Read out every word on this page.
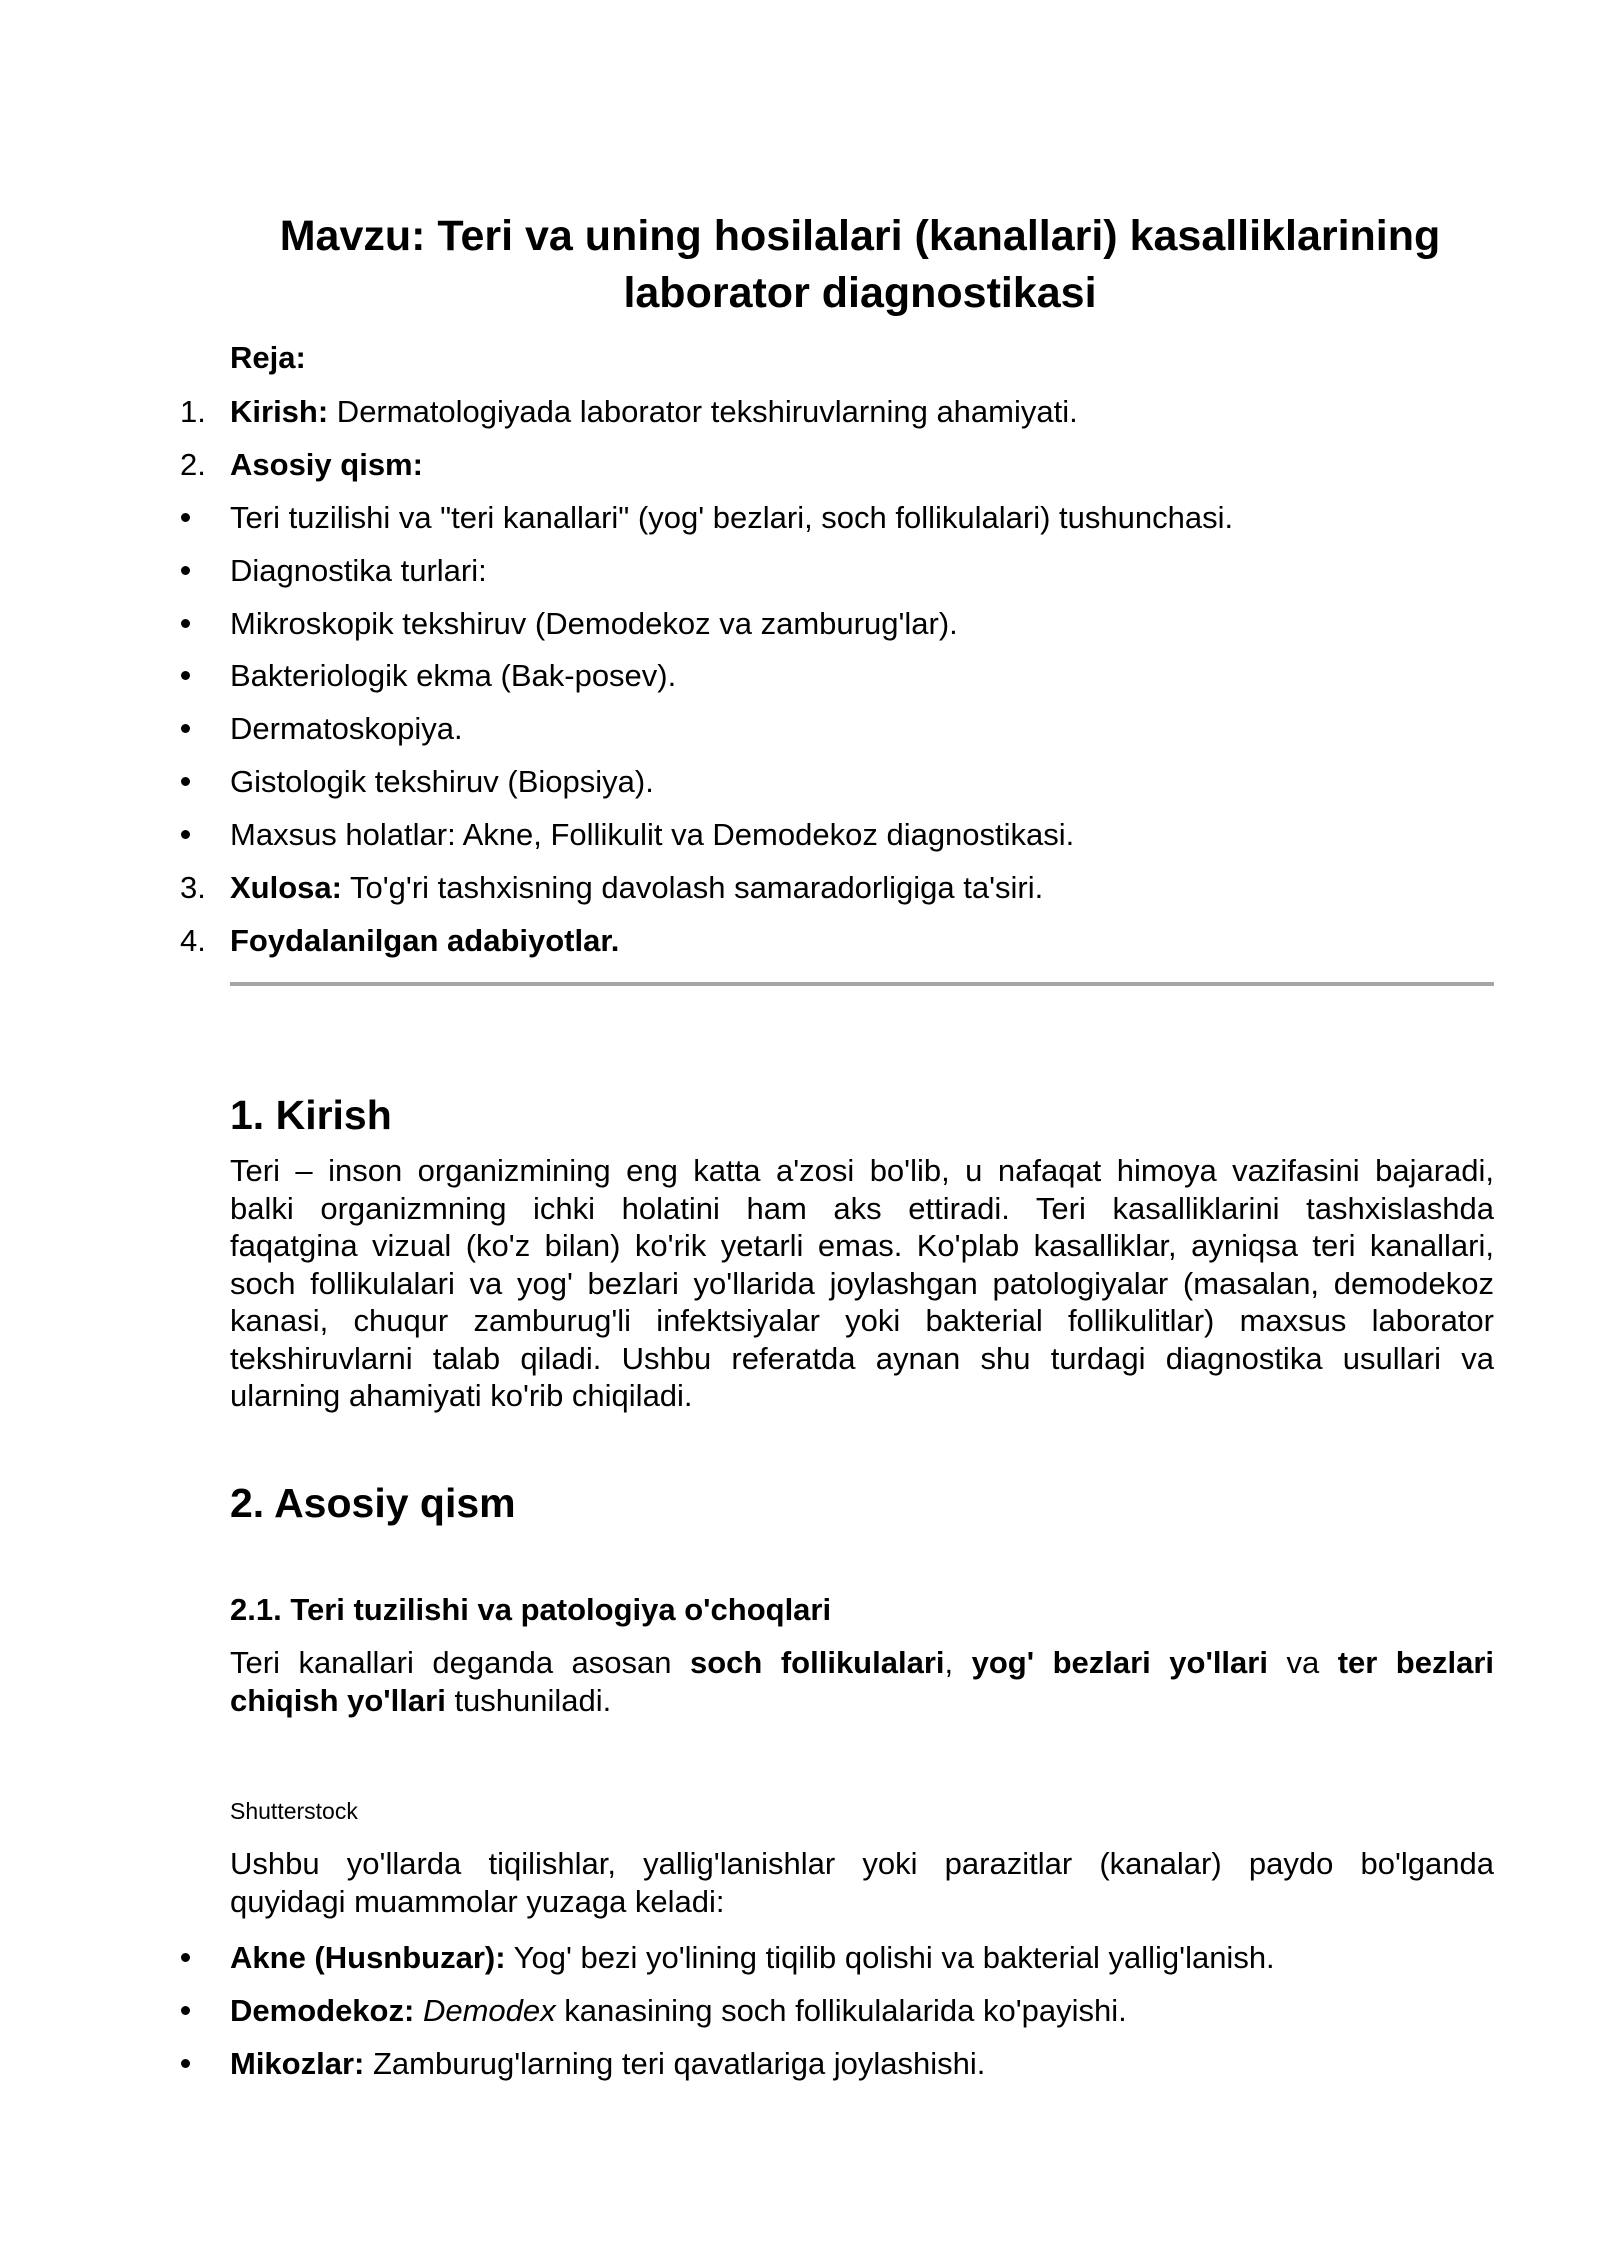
Mavzu: Teri va uning hosilalari (kanallari) kasalliklarining laborator diagnostikasi
Reja:
1. Kirish: Dermatologiyada laborator tekshiruvlarning ahamiyati.
2. Asosiy qism:
Teri tuzilishi va "teri kanallari" (yog' bezlari, soch follikulalari) tushunchasi.
Diagnostika turlari:
Mikroskopik tekshiruv (Demodekoz va zamburug'lar).
Bakteriologik ekma (Bak-posev).
Dermatoskopiya.
Gistologik tekshiruv (Biopsiya).
Maxsus holatlar: Akne, Follikulit va Demodekoz diagnostikasi.
3. Xulosa: To'g'ri tashxisning davolash samaradorligiga ta'siri.
4. Foydalanilgan adabiyotlar.
1. Kirish
Teri – inson organizmining eng katta a'zosi bo'lib, u nafaqat himoya vazifasini bajaradi,
balki organizmning ichki holatini ham aks ettiradi. Teri kasalliklarini tashxislashda
faqatgina vizual (ko'z bilan) ko'rik yetarli emas. Ko'plab kasalliklar, ayniqsa teri kanallari,
soch follikulalari va yog' bezlari yo'llarida joylashgan patologiyalar (masalan, demodekoz
kanasi, chuqur zamburug'li infektsiyalar yoki bakterial follikulitlar) maxsus laborator
tekshiruvlarni talab qiladi. Ushbu referatda aynan shu turdagi diagnostika usullari va
ularning ahamiyati ko'rib chiqiladi.
2. Asosiy qism
2.1. Teri tuzilishi va patologiya o'choqlari
Teri kanallari deganda asosan soch follikulalari, yog' bezlari yo'llari va ter bezlari
chiqish yo'llari tushuniladi.

Shutterstock

Ushbu yo'llarda tiqilishlar, yallig'lanishlar yoki parazitlar (kanalar) paydo bo'lganda
quyidagi muammolar yuzaga keladi:
Akne (Husnbuzar): Yog' bezi yo'lining tiqilib qolishi va bakterial yallig'lanish.
Demodekoz: Demodex kanasining soch follikulalarida ko'payishi.
Mikozlar: Zamburug'larning teri qavatlariga joylashishi.
